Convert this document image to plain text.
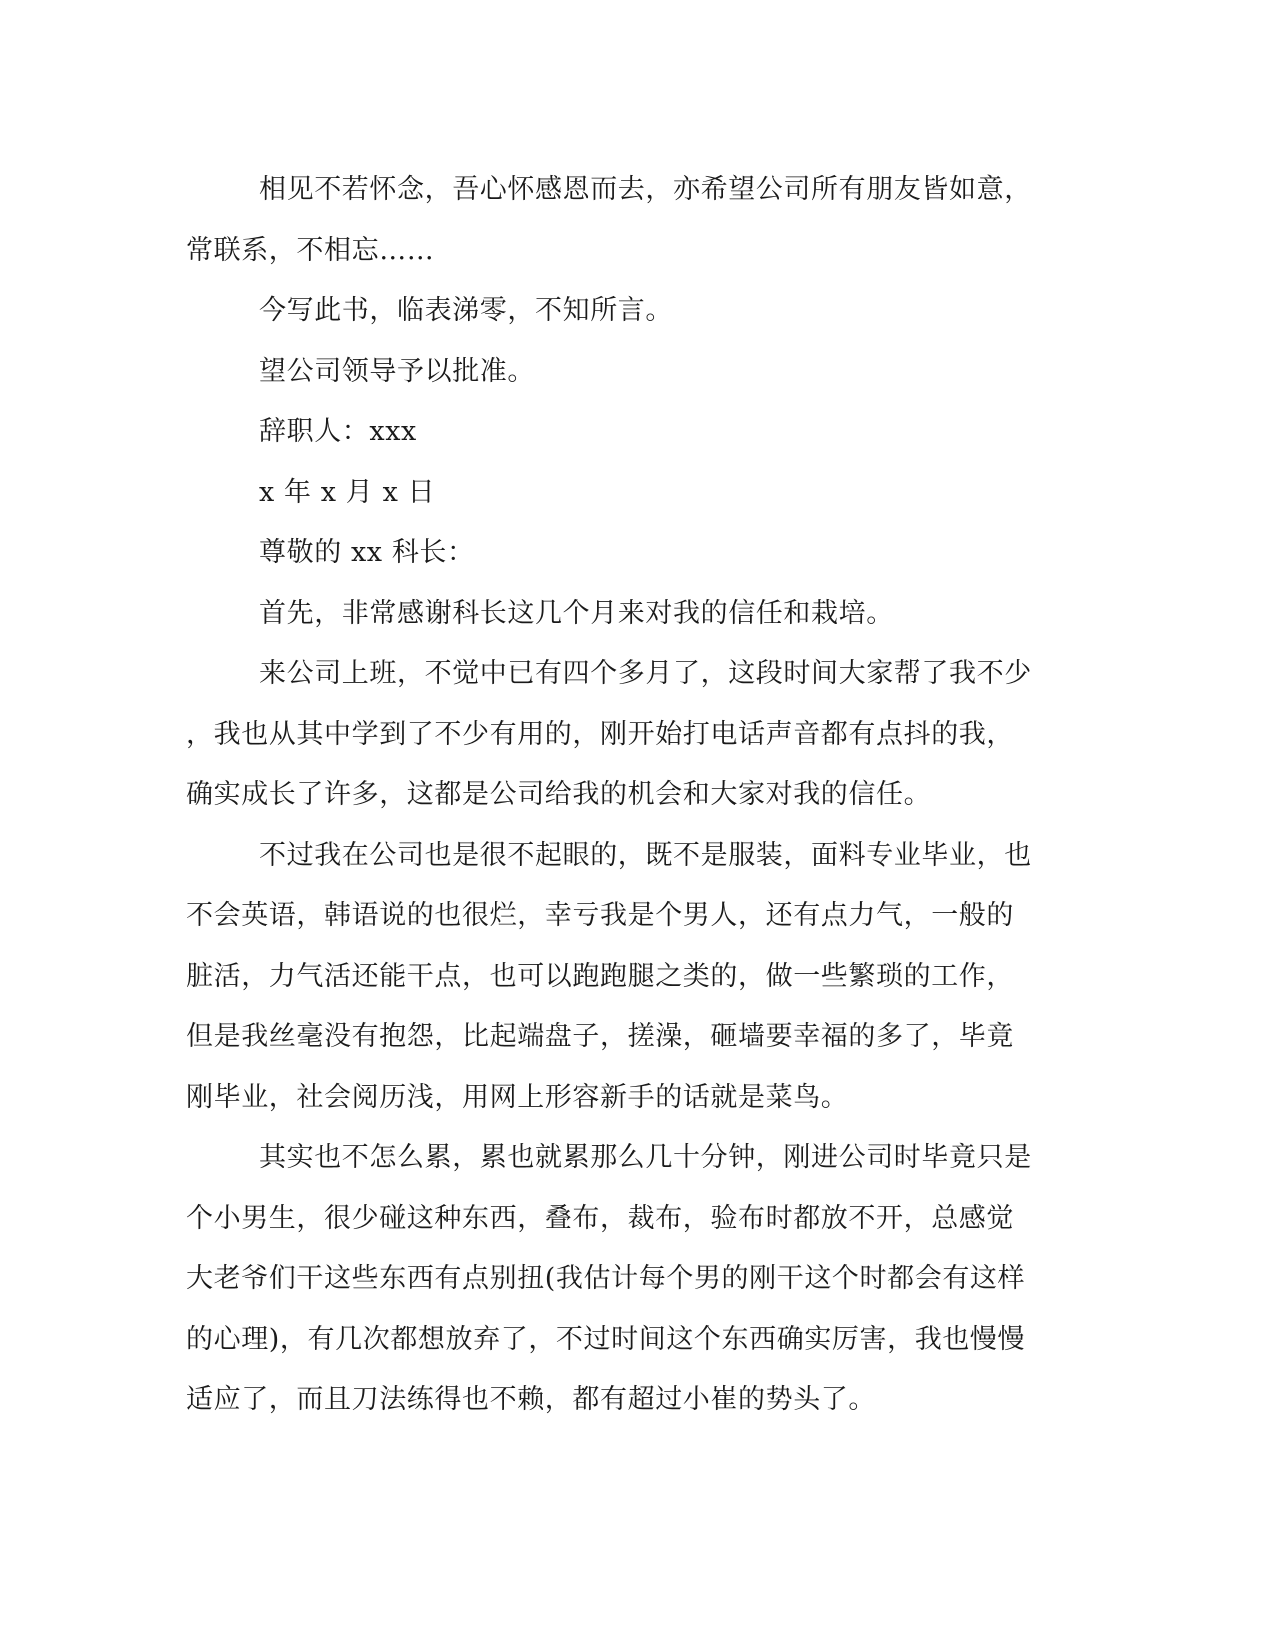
相见不若怀念，吾心怀感恩而去，亦希望公司所有朋友皆如意，
常联系，不相忘……

今写此书，临表涕零，不知所言。

望公司领导予以批准。

辞职人：xxx

x 年 x 月 x 日

尊敬的 xx 科长：

首先，非常感谢科长这几个月来对我的信任和栽培。

来公司上班，不觉中已有四个多月了，这段时间大家帮了我不少
，我也从其中学到了不少有用的，刚开始打电话声音都有点抖的我，
确实成长了许多，这都是公司给我的机会和大家对我的信任。

不过我在公司也是很不起眼的，既不是服装，面料专业毕业，也
不会英语，韩语说的也很烂，幸亏我是个男人，还有点力气，一般的
脏活，力气活还能干点，也可以跑跑腿之类的，做一些繁琐的工作，
但是我丝毫没有抱怨，比起端盘子，搓澡，砸墙要幸福的多了，毕竟
刚毕业，社会阅历浅，用网上形容新手的话就是菜鸟。

其实也不怎么累，累也就累那么几十分钟，刚进公司时毕竟只是
个小男生，很少碰这种东西，叠布，裁布，验布时都放不开，总感觉
大老爷们干这些东西有点别扭(我估计每个男的刚干这个时都会有这样
的心理)，有几次都想放弃了，不过时间这个东西确实厉害，我也慢慢
适应了，而且刀法练得也不赖，都有超过小崔的势头了。
